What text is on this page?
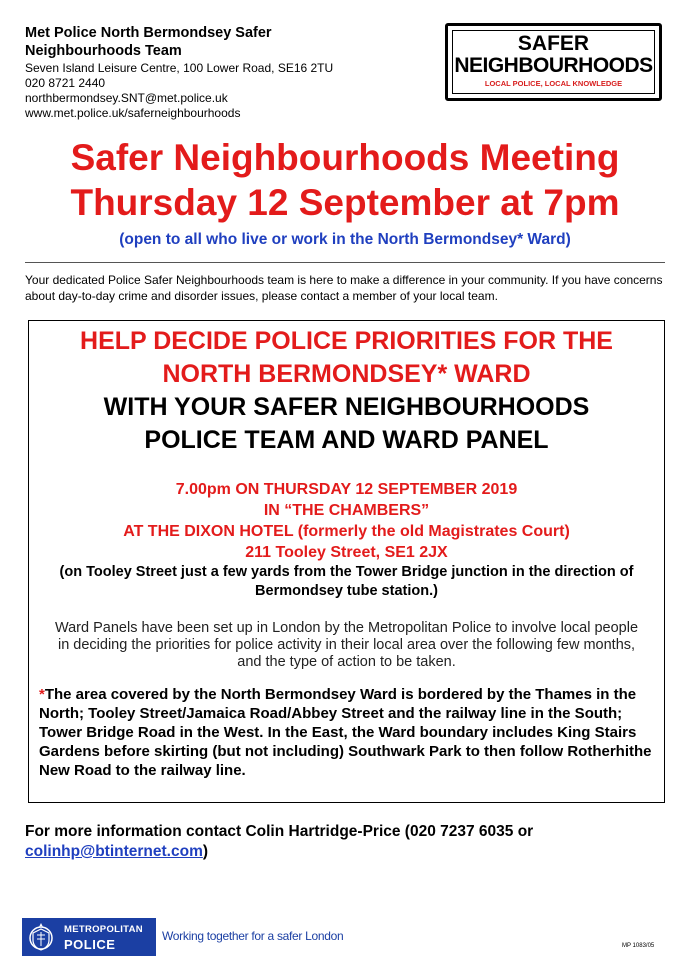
Met Police North Bermondsey Safer
Neighbourhoods Team
Seven Island Leisure Centre, 100 Lower Road, SE16 2TU
020 8721 2440
northbermondsey.SNT@met.police.uk
www.met.police.uk/saferneighbourhoods
SAFER
NEIGHBOURHOODS
LOCAL POLICE, LOCAL KNOWLEDGE
Safer Neighbourhoods Meeting
Thursday 12 September at 7pm
(open to all who live or work in the North Bermondsey* Ward)
Your dedicated Police Safer Neighbourhoods team is here to make a difference in your community. If you have concerns about day-to-day crime and disorder issues, please contact a member of your local team.
HELP DECIDE POLICE PRIORITIES FOR THE
NORTH BERMONDSEY* WARD
WITH YOUR SAFER NEIGHBOURHOODS
POLICE TEAM AND WARD PANEL
7.00pm ON THURSDAY 12 SEPTEMBER 2019
IN “THE CHAMBERS”
AT THE DIXON HOTEL (formerly the old Magistrates Court)
211 Tooley Street, SE1 2JX
(on Tooley Street just a few yards from the Tower Bridge junction in the direction of Bermondsey tube station.)
Ward Panels have been set up in London by the Metropolitan Police to involve local people in deciding the priorities for police activity in their local area over the following few months, and the type of action to be taken.
*The area covered by the North Bermondsey Ward is bordered by the Thames in the North; Tooley Street/Jamaica Road/Abbey Street and the railway line in the South; Tower Bridge Road in the West. In the East, the Ward boundary includes King Stairs Gardens before skirting (but not including) Southwark Park to then follow Rotherhithe New Road to the railway line.
For more information contact Colin Hartridge-Price (020 7237 6035 or
colinhp@btinternet.com)
METROPOLITAN
POLICE
Working together for a safer London
MP 1083/05
